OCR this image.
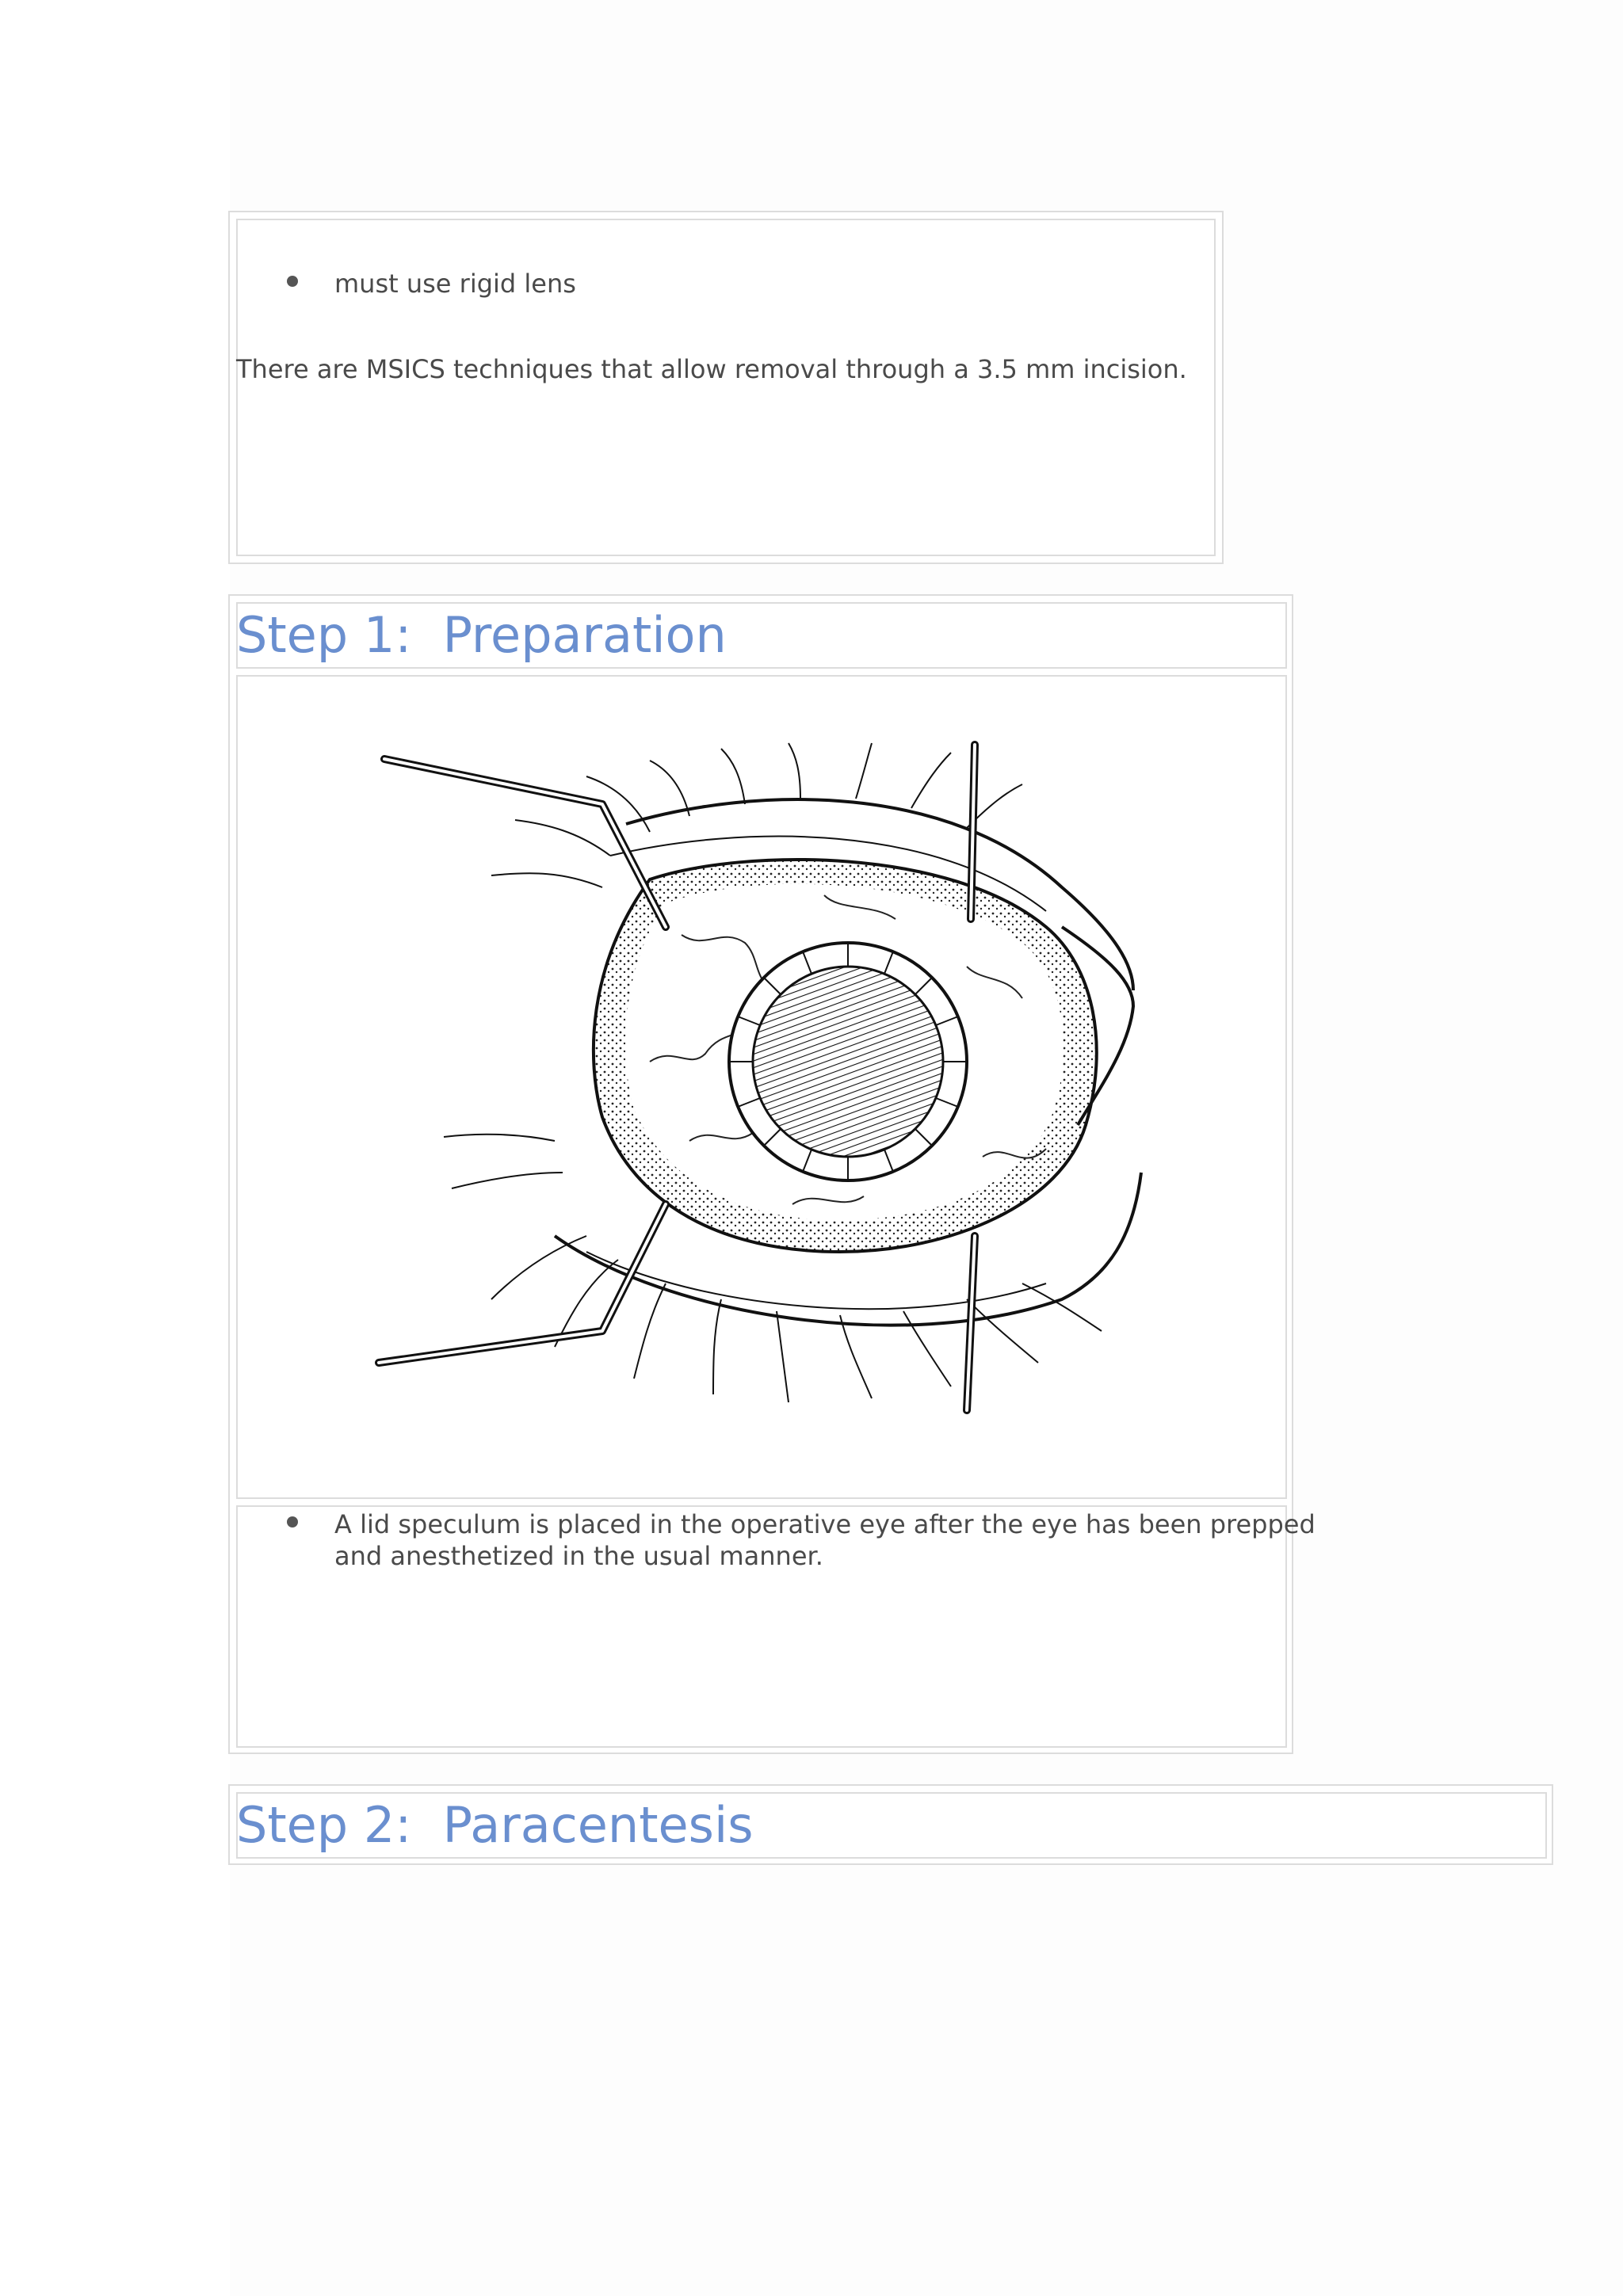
must use rigid lens
There are MSICS techniques that allow removal through a 3.5 mm incision.
Step 1:  Preparation
A lid speculum is placed in the operative eye after the eye has been prepped
and anesthetized in the usual manner.
Step 2:  Paracentesis
